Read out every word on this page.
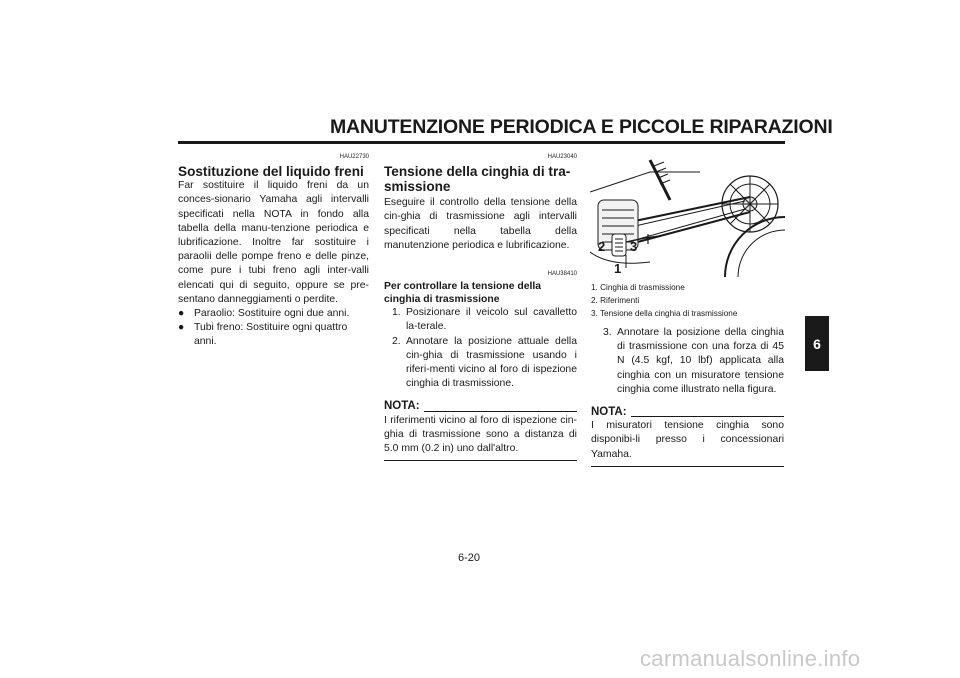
MANUTENZIONE PERIODICA E PICCOLE RIPARAZIONI
HAU22730
Sostituzione del liquido freni
Far sostituire il liquido freni da un conces-sionario Yamaha agli intervalli specificati nella NOTA in fondo alla tabella della manu-tenzione periodica e lubrificazione. Inoltre far sostituire i paraolii delle pompe freno e delle pinze, come pure i tubi freno agli inter-valli elencati qui di seguito, oppure se pre-sentano danneggiamenti o perdite.
● Paraolio: Sostituire ogni due anni.
● Tubi freno: Sostituire ogni quattro anni.
HAU23040
Tensione della cinghia di tra-smissione
Eseguire il controllo della tensione della cin-ghia di trasmissione agli intervalli specificati nella tabella della manutenzione periodica e lubrificazione.
HAU38410
Per controllare la tensione della cinghia di trasmissione
1. Posizionare il veicolo sul cavalletto la-terale.
2. Annotare la posizione attuale della cin-ghia di trasmissione usando i riferi-menti vicino al foro di ispezione cinghia di trasmissione.
NOTA:
I riferimenti vicino al foro di ispezione cin-ghia di trasmissione sono a distanza di 5.0 mm (0.2 in) uno dall'altro.
2 3
1
1. Cinghia di trasmissione
2. Riferimenti
3. Tensione della cinghia di trasmissione
3. Annotare la posizione della cinghia di trasmissione con una forza di 45 N (4.5 kgf, 10 lbf) applicata alla cinghia con un misuratore tensione cinghia come illustrato nella figura.
NOTA:
I misuratori tensione cinghia sono disponibi-li presso i concessionari Yamaha.
6
6-20
carmanualsonline.info
